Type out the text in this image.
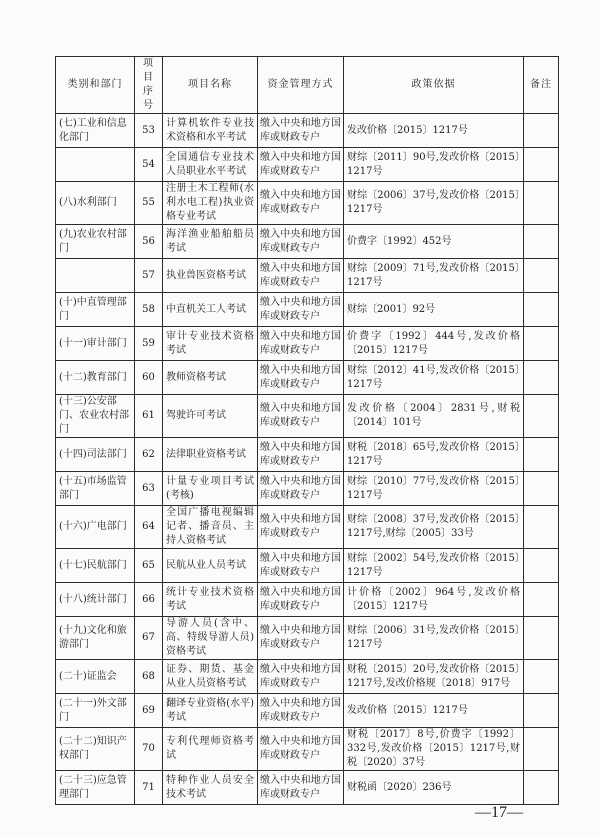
类别和部门	项目序号	项目名称	资金管理方式	政策依据	备注
(七)工业和信息化部门	53	计算机软件专业技术资格和水平考试	缴入中央和地方国库或财政专户	发改价格〔2015〕1217号	
	54	全国通信专业技术人员职业水平考试	缴入中央和地方国库或财政专户	财综〔2011〕90号,发改价格〔2015〕1217号	
(八)水利部门	55	注册土木工程师(水利水电工程)执业资格专业考试	缴入中央和地方国库或财政专户	财综〔2006〕37号,发改价格〔2015〕1217号	
(九)农业农村部门	56	海洋渔业船舶船员考试	缴入中央和地方国库或财政专户	价费字〔1992〕452号	
	57	执业兽医资格考试	缴入中央和地方国库或财政专户	财综〔2009〕71号,发改价格〔2015〕1217号	
(十)中直管理部门	58	中直机关工人考试	缴入中央和地方国库或财政专户	财综〔2001〕92号	
(十一)审计部门	59	审计专业技术资格考试	缴入中央和地方国库或财政专户	价费字〔1992〕444号,发改价格〔2015〕1217号	
(十二)教育部门	60	教师资格考试	缴入中央和地方国库或财政专户	财综〔2012〕41号,发改价格〔2015〕1217号	
(十三)公安部门、农业农村部门	61	驾驶许可考试	缴入中央和地方国库或财政专户	发改价格〔2004〕2831号,财税〔2014〕101号	
(十四)司法部门	62	法律职业资格考试	缴入中央和地方国库或财政专户	财税〔2018〕65号,发改价格〔2015〕1217号	
(十五)市场监管部门	63	计量专业项目考试(考核)	缴入中央和地方国库或财政专户	财综〔2010〕77号,发改价格〔2015〕1217号	
(十六)广电部门	64	全国广播电视编辑记者、播音员、主持人资格考试	缴入中央和地方国库或财政专户	财综〔2008〕37号,发改价格〔2015〕1217号,财综〔2005〕33号	
(十七)民航部门	65	民航从业人员考试	缴入中央和地方国库或财政专户	财综〔2002〕54号,发改价格〔2015〕1217号	
(十八)统计部门	66	统计专业技术资格考试	缴入中央和地方国库或财政专户	计价格〔2002〕964号,发改价格〔2015〕1217号	
(十九)文化和旅游部门	67	导游人员(含中、高、特级导游人员)资格考试	缴入中央和地方国库或财政专户	财综〔2006〕31号,发改价格〔2015〕1217号	
(二十)证监会	68	证券、期货、基金从业人员资格考试	缴入中央和地方国库或财政专户	财税〔2015〕20号,发改价格〔2015〕1217号,发改价格规〔2018〕917号	
(二十一)外文部门	69	翻译专业资格(水平)考试	缴入中央和地方国库或财政专户	发改价格〔2015〕1217号	
(二十二)知识产权部门	70	专利代理师资格考试	缴入中央和地方国库或财政专户	财税〔2017〕8号,价费字〔1992〕332号,发改价格〔2015〕1217号,财税〔2020〕37号	
(二十三)应急管理部门	71	特种作业人员安全技术考试	缴入中央和地方国库或财政专户	财税函〔2020〕236号	
—17—
